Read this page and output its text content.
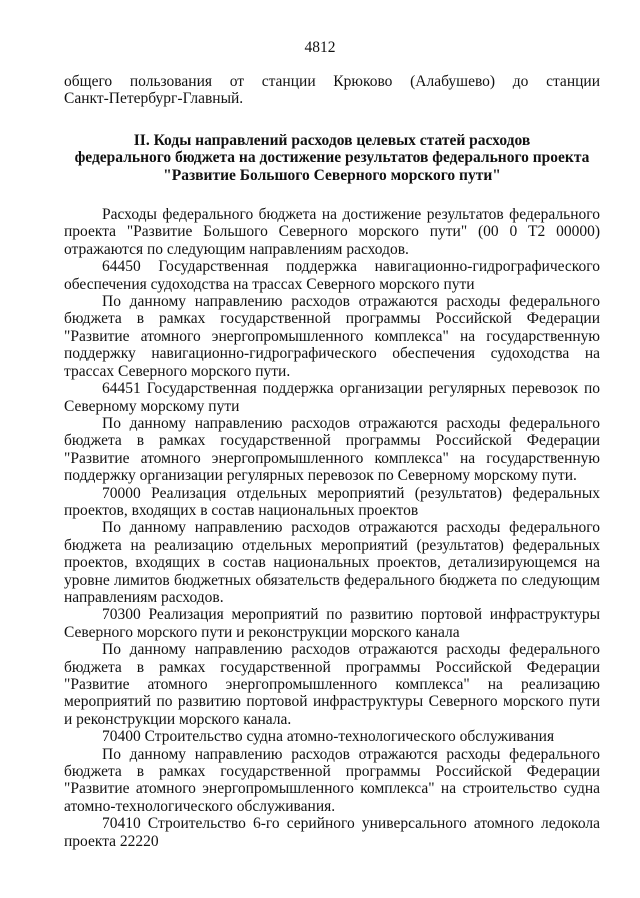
4812

общего пользования от станции Крюково (Алабушево) до станции

Санкт-Петербург-Главный.

II. Коды направлений расходов целевых статей расходов
федерального бюджета на достижение результатов федерального проекта
"Развитие Большого Северного морского пути"

Расходы федерального бюджета на достижение результатов федерального проекта "Развитие Большого Северного морского пути" (00 0 Т2 00000) отражаются по следующим направлениям расходов.

64450 Государственная поддержка навигационно-гидрографического обеспечения судоходства на трассах Северного морского пути

По данному направлению расходов отражаются расходы федерального бюджета в рамках государственной программы Российской Федерации "Развитие атомного энергопромышленного комплекса" на государственную поддержку навигационно-гидрографического обеспечения судоходства на трассах Северного морского пути.

64451 Государственная поддержка организации регулярных перевозок по Северному морскому пути

По данному направлению расходов отражаются расходы федерального бюджета в рамках государственной программы Российской Федерации "Развитие атомного энергопромышленного комплекса" на государственную поддержку организации регулярных перевозок по Северному морскому пути.

70000 Реализация отдельных мероприятий (результатов) федеральных проектов, входящих в состав национальных проектов

По данному направлению расходов отражаются расходы федерального бюджета на реализацию отдельных мероприятий (результатов) федеральных проектов, входящих в состав национальных проектов, детализирующемся на уровне лимитов бюджетных обязательств федерального бюджета по следующим направлениям расходов.

70300 Реализация мероприятий по развитию портовой инфраструктуры Северного морского пути и реконструкции морского канала

По данному направлению расходов отражаются расходы федерального бюджета в рамках государственной программы Российской Федерации "Развитие атомного энергопромышленного комплекса" на реализацию мероприятий по развитию портовой инфраструктуры Северного морского пути и реконструкции морского канала.

70400 Строительство судна атомно-технологического обслуживания

По данному направлению расходов отражаются расходы федерального бюджета в рамках государственной программы Российской Федерации "Развитие атомного энергопромышленного комплекса" на строительство судна атомно-технологического обслуживания.

70410 Строительство 6-го серийного универсального атомного ледокола проекта 22220
